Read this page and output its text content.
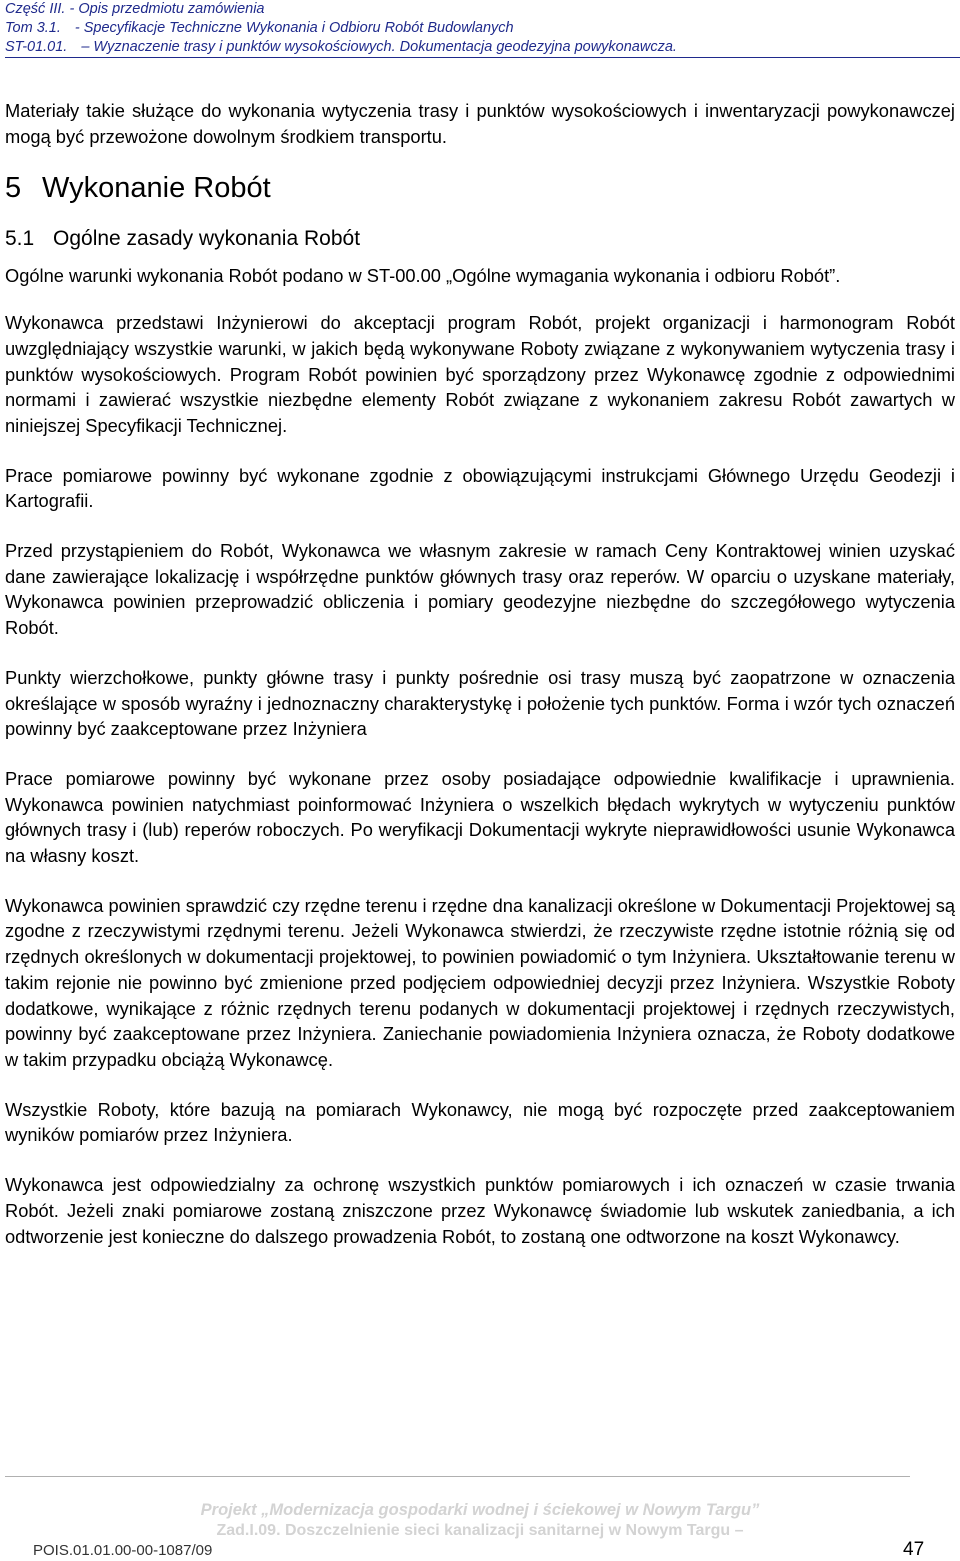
Część III. - Opis przedmiotu zamówienia
Tom 3.1. - Specyfikacje Techniczne Wykonania i Odbioru Robót Budowlanych
ST-01.01. – Wyznaczenie trasy i punktów wysokościowych. Dokumentacja geodezyjna powykonawcza.

Materiały takie służące do wykonania wytyczenia trasy i punktów wysokościowych i inwentaryzacji powykonawczej mogą być przewożone dowolnym środkiem transportu.

5 Wykonanie Robót
5.1 Ogólne zasady wykonania Robót

Ogólne warunki wykonania Robót podano w ST-00.00 „Ogólne wymagania wykonania i odbioru Robót”.

Wykonawca przedstawi Inżynierowi do akceptacji program Robót, projekt organizacji i harmonogram Robót uwzględniający wszystkie warunki, w jakich będą wykonywane Roboty związane z wykonywaniem wytyczenia trasy i punktów wysokościowych. Program Robót powinien być sporządzony przez Wykonawcę zgodnie z odpowiednimi normami i zawierać wszystkie niezbędne elementy Robót związane z wykonaniem zakresu Robót zawartych w niniejszej Specyfikacji Technicznej.

Prace pomiarowe powinny być wykonane zgodnie z obowiązującymi instrukcjami Głównego Urzędu Geodezji i Kartografii.

Przed przystąpieniem do Robót, Wykonawca we własnym zakresie w ramach Ceny Kontraktowej winien uzyskać dane zawierające lokalizację i współrzędne punktów głównych trasy oraz reperów. W oparciu o uzyskane materiały, Wykonawca powinien przeprowadzić obliczenia i pomiary geodezyjne niezbędne do szczegółowego wytyczenia Robót.

Punkty wierzchołkowe, punkty główne trasy i punkty pośrednie osi trasy muszą być zaopatrzone w oznaczenia określające w sposób wyraźny i jednoznaczny charakterystykę i położenie tych punktów. Forma i wzór tych oznaczeń powinny być zaakceptowane przez Inżyniera

Prace pomiarowe powinny być wykonane przez osoby posiadające odpowiednie kwalifikacje i uprawnienia. Wykonawca powinien natychmiast poinformować Inżyniera o wszelkich błędach wykrytych w wytyczeniu punktów głównych trasy i (lub) reperów roboczych. Po weryfikacji Dokumentacji wykryte nieprawidłowości usunie Wykonawca na własny koszt.

Wykonawca powinien sprawdzić czy rzędne terenu i rzędne dna kanalizacji określone w Dokumentacji Projektowej są zgodne z rzeczywistymi rzędnymi terenu. Jeżeli Wykonawca stwierdzi, że rzeczywiste rzędne istotnie różnią się od rzędnych określonych w dokumentacji projektowej, to powinien powiadomić o tym Inżyniera. Ukształtowanie terenu w takim rejonie nie powinno być zmienione przed podjęciem odpowiedniej decyzji przez Inżyniera. Wszystkie Roboty dodatkowe, wynikające z różnic rzędnych terenu podanych w dokumentacji projektowej i rzędnych rzeczywistych, powinny być zaakceptowane przez Inżyniera. Zaniechanie powiadomienia Inżyniera oznacza, że Roboty dodatkowe w takim przypadku obciążą Wykonawcę.

Wszystkie Roboty, które bazują na pomiarach Wykonawcy, nie mogą być rozpoczęte przed zaakceptowaniem wyników pomiarów przez Inżyniera.

Wykonawca jest odpowiedzialny za ochronę wszystkich punktów pomiarowych i ich oznaczeń w czasie trwania Robót. Jeżeli znaki pomiarowe zostaną zniszczone przez Wykonawcę świadomie lub wskutek zaniedbania, a ich odtworzenie jest konieczne do dalszego prowadzenia Robót, to zostaną one odtworzone na koszt Wykonawcy.

Projekt „Modernizacja gospodarki wodnej i ściekowej w Nowym Targu”
Zad.I.09. Doszczelnienie sieci kanalizacji sanitarnej w Nowym Targu –
POIS.01.01.00-00-1087/09	47
